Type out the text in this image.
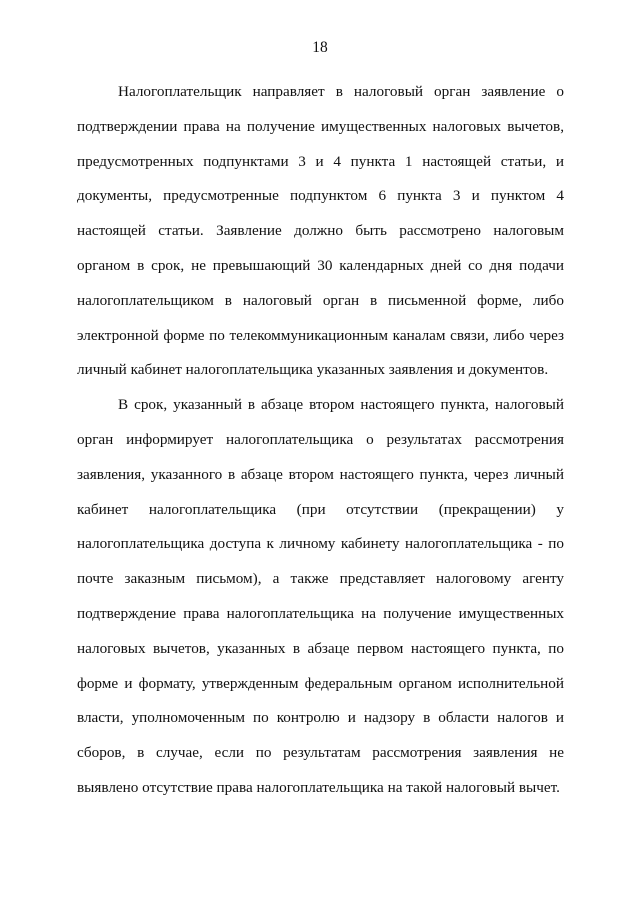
18

Налогоплательщик направляет в налоговый орган заявление о подтверждении права на получение имущественных налоговых вычетов, предусмотренных подпунктами 3 и 4 пункта 1 настоящей статьи, и документы, предусмотренные подпунктом 6 пункта 3 и пунктом 4 настоящей статьи. Заявление должно быть рассмотрено налоговым органом в срок, не превышающий 30 календарных дней со дня подачи налогоплательщиком в налоговый орган в письменной форме, либо электронной форме по телекоммуникационным каналам связи, либо через личный кабинет налогоплательщика указанных заявления и документов.

В срок, указанный в абзаце втором настоящего пункта, налоговый орган информирует налогоплательщика о результатах рассмотрения заявления, указанного в абзаце втором настоящего пункта, через личный кабинет налогоплательщика (при отсутствии (прекращении) у налогоплательщика доступа к личному кабинету налогоплательщика - по почте заказным письмом), а также представляет налоговому агенту подтверждение права налогоплательщика на получение имущественных налоговых вычетов, указанных в абзаце первом настоящего пункта, по форме и формату, утвержденным федеральным органом исполнительной власти, уполномоченным по контролю и надзору в области налогов и сборов, в случае, если по результатам рассмотрения заявления не выявлено отсутствие права налогоплательщика на такой налоговый вычет.
